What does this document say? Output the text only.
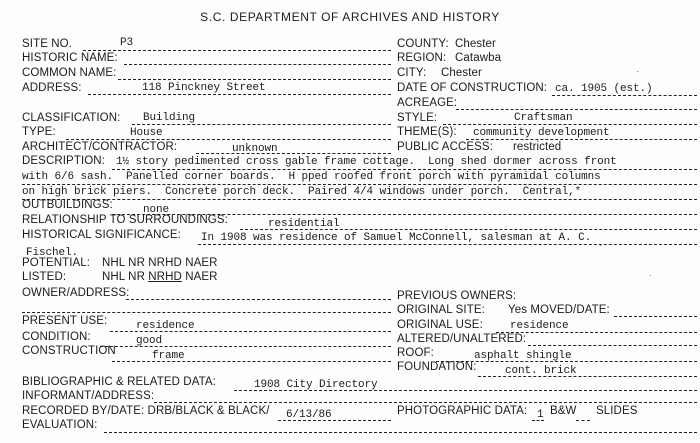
S.C. DEPARTMENT OF ARCHIVES AND HISTORY
SITE NO.	P3
HISTORIC NAME:
COMMON NAME:
ADDRESS:	118 Pinckney Street
CLASSIFICATION: Building
TYPE:	House
ARCHITECT/CONTRACTOR:	unknown
DESCRIPTION: 1½ story pedimented cross gable frame cottage.  Long shed dormer across front
with 6/6 sash.  Panelled corner boards.  H pped roofed front porch with pyramidal columns
on high brick piers.  Concrete porch deck.  Paired 4/4 windows under porch.  Central,*
OUTBUILDINGS:	none
RELATIONSHIP TO SURROUNDINGS:	residential
HISTORICAL SIGNIFICANCE: In 1908 was residence of Samuel McConnell, salesman at A. C.
Fischel.
POTENTIAL: NHL NR NRHD NAER
LISTED:	NHL NR NRHD NAER
OWNER/ADDRESS:
PRESENT USE:	residence
CONDITION:	good
CONSTRUCTION	frame
BIBLIOGRAPHIC & RELATED DATA:	1908 City Directory
INFORMANT/ADDRESS:
RECORDED BY/DATE: DRB/BLACK & BLACK/ 6/13/86
EVALUATION:
COUNTY: Chester
REGION: Catawba
CITY: Chester
DATE OF CONSTRUCTION: ca. 1905 (est.)
ACREAGE:
STYLE:	Craftsman
THEME(S): community development
PUBLIC ACCESS: restricted
PREVIOUS OWNERS:
ORIGINAL SITE: Yes MOVED/DATE:
ORIGINAL USE: residence
ALTERED/UNALTERED:
ROOF:	asphalt shingle
FOUNDATION:	cont. brick
PHOTOGRAPHIC DATA: 1 B&W SLIDES
